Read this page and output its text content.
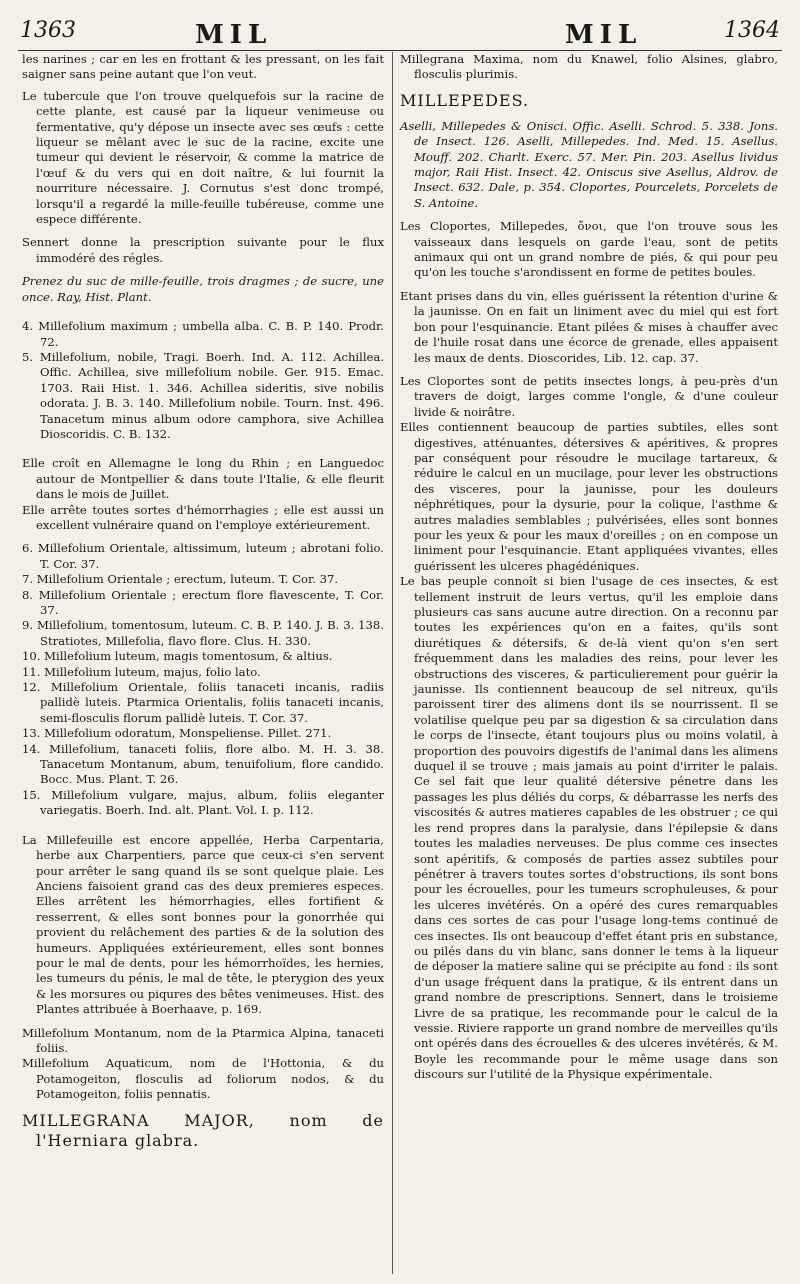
1363	MIL	MIL	1364

les narines ; car en les en frottant & les pressant, on les fait saigner sans peine autant que l'on veut.

Le tubercule que l'on trouve quelquefois sur la racine de cette plante, est causé par la liqueur venimeuse ou fermentative, qu'y dépose un insecte avec ses œufs : cette liqueur se mêlant avec le suc de la racine, excite une tumeur qui devient le réservoir, & comme la matrice de l'œuf & du vers qui en doit naître, & lui fournit la nourriture nécessaire. J. Cornutus s'est donc trompé, lorsqu'il a regardé la mille-feuille tubéreuse, comme une espece différente.

Sennert donne la prescription suivante pour le flux immodéré des régles.

Prenez du suc de mille-feuille, trois dragmes ; de sucre, une once. Ray, Hist. Plant.

4. Millefolium maximum ; umbella alba. C. B. P. 140. Prodr. 72.

5. Millefolium, nobile, Tragi. Boerh. Ind. A. 112. Achillea. Offic. Achillea, sive millefolium nobile. Ger. 915. Emac. 1703. Raii Hist. 1. 346. Achillea sideritis, sive nobilis odorata. J. B. 3. 140. Millefolium nobile. Tourn. Inst. 496. Tanacetum minus album odore camphora, sive Achillea Dioscoridis. C. B. 132.

Elle croît en Allemagne le long du Rhin ; en Languedoc autour de Montpellier & dans toute l'Italie, & elle fleurit dans le mois de Juillet.

Elle arrête toutes sortes d'hémorrhagies ; elle est aussi un excellent vulnéraire quand on l'employe extérieurement.

6. Millefolium Orientale, altissimum, luteum ; abrotani folio. T. Cor. 37.

7. Millefolium Orientale ; erectum, luteum. T. Cor. 37.

8. Millefolium Orientale ; erectum flore flavescente, T. Cor. 37.

9. Millefolium, tomentosum, luteum. C. B. P. 140. J. B. 3. 138. Stratiotes, Millefolia, flavo flore. Clus. H. 330.

10. Millefolium luteum, magis tomentosum, & altius.

11. Millefolium luteum, majus, folio lato.

12. Millefolium Orientale, foliis tanaceti incanis, radiis pallidè luteis. Ptarmica Orientalis, foliis tanaceti incanis, semi-flosculis florum pallidè luteis. T. Cor. 37.

13. Millefolium odoratum, Monspeliense. Pillet. 271.

14. Millefolium, tanaceti foliis, flore albo. M. H. 3. 38. Tanacetum Montanum, abum, tenuifolium, flore candido. Bocc. Mus. Plant. T. 26.

15. Millefolium vulgare, majus, album, foliis eleganter variegatis. Boerh. Ind. alt. Plant. Vol. I. p. 112.

La Millefeuille est encore appellée, Herba Carpentaria, herbe aux Charpentiers, parce que ceux-ci s'en servent pour arrêter le sang quand ils se sont quelque plaie. Les Anciens faisoient grand cas des deux premieres especes. Elles arrêtent les hémorrhagies, elles fortifient & resserrent, & elles sont bonnes pour la gonorrhée qui provient du relâchement des parties & de la solution des humeurs. Appliquées extérieurement, elles sont bonnes pour le mal de dents, pour les hémorrhoïdes, les hernies, les tumeurs du pénis, le mal de tête, le pterygion des yeux & les morsures ou piqures des bêtes venimeuses. Hist. des Plantes attribuée à Boerhaave, p. 169.

Millefolium Montanum, nom de la Ptarmica Alpina, tanaceti foliis.

Millefolium Aquaticum, nom de l'Hottonia, & du Potamogeiton, flosculis ad foliorum nodos, & du Potamogeiton, foliis pennatis.

MILLEGRANA MAJOR, nom de l'Herniara glabra.

Millegrana Maxima, nom du Knawel, folio Alsines, glabro, flosculis plurimis.

MILLEPEDES.

Aselli, Millepedes & Onisci. Offic. Aselli. Schrod. 5. 338. Jons. de Insect. 126. Aselli, Millepedes. Ind. Med. 15. Asellus. Mouff. 202. Charlt. Exerc. 57. Mer. Pin. 203. Asellus lividus major, Raii Hist. Insect. 42. Oniscus sive Asellus, Aldrov. de Insect. 632. Dale, p. 354. Cloportes, Pourcelets, Porcelets de S. Antoine.

Les Cloportes, Millepedes, ὄνοι, que l'on trouve sous les vaisseaux dans lesquels on garde l'eau, sont de petits animaux qui ont un grand nombre de piés, & qui pour peu qu'on les touche s'arondissent en forme de petites boules.

Etant prises dans du vin, elles guérissent la rétention d'urine & la jaunisse. On en fait un liniment avec du miel qui est fort bon pour l'esquinancie. Etant pilées & mises à chauffer avec de l'huile rosat dans une écorce de grenade, elles appaisent les maux de dents. Dioscorides, Lib. 12. cap. 37.

Les Cloportes sont de petits insectes longs, à peu-près d'un travers de doigt, larges comme l'ongle, & d'une couleur livide & noirâtre.

Elles contiennent beaucoup de parties subtiles, elles sont digestives, atténuantes, détersives & apéritives, & propres par conséquent pour résoudre le mucilage tartareux, & réduire le calcul en un mucilage, pour lever les obstructions des visceres, pour la jaunisse, pour les douleurs néphrétiques, pour la dysurie, pour la colique, l'asthme & autres maladies semblables ; pulvérisées, elles sont bonnes pour les yeux & pour les maux d'oreilles ; on en compose un liniment pour l'esquinancie. Etant appliquées vivantes, elles guérissent les ulceres phagédéniques.

Le bas peuple connoît si bien l'usage de ces insectes, & est tellement instruit de leurs vertus, qu'il les emploie dans plusieurs cas sans aucune autre direction. On a reconnu par toutes les expériences qu'on en a faites, qu'ils sont diurétiques & détersifs, & de-là vient qu'on s'en sert fréquemment dans les maladies des reins, pour lever les obstructions des visceres, & particulierement pour guérir la jaunisse. Ils contiennent beaucoup de sel nitreux, qu'ils paroissent tirer des alimens dont ils se nourrissent. Il se volatilise quelque peu par sa digestion & sa circulation dans le corps de l'insecte, étant toujours plus ou moins volatil, à proportion des pouvoirs digestifs de l'animal dans les alimens duquel il se trouve ; mais jamais au point d'irriter le palais. Ce sel fait que leur qualité détersive pénetre dans les passages les plus déliés du corps, & débarrasse les nerfs des viscosités & autres matieres capables de les obstruer ; ce qui les rend propres dans la paralysie, dans l'épilepsie & dans toutes les maladies nerveuses. De plus comme ces insectes sont apéritifs, & composés de parties assez subtiles pour pénétrer à travers toutes sortes d'obstructions, ils sont bons pour les écrouelles, pour les tumeurs scrophuleuses, & pour les ulceres invétérés. On a opéré des cures remarquables dans ces sortes de cas pour l'usage long-tems continué de ces insectes. Ils ont beaucoup d'effet étant pris en substance, ou pilés dans du vin blanc, sans donner le tems à la liqueur de déposer la matiere saline qui se précipite au fond : ils sont d'un usage fréquent dans la pratique, & ils entrent dans un grand nombre de prescriptions. Sennert, dans le troisieme Livre de sa pratique, les recommande pour le calcul de la vessie. Riviere rapporte un grand nombre de merveilles qu'ils ont opérés dans des écrouelles & des ulceres invétérés, & M. Boyle les recommande pour le même usage dans son discours sur l'utilité de la Physique expérimentale.
